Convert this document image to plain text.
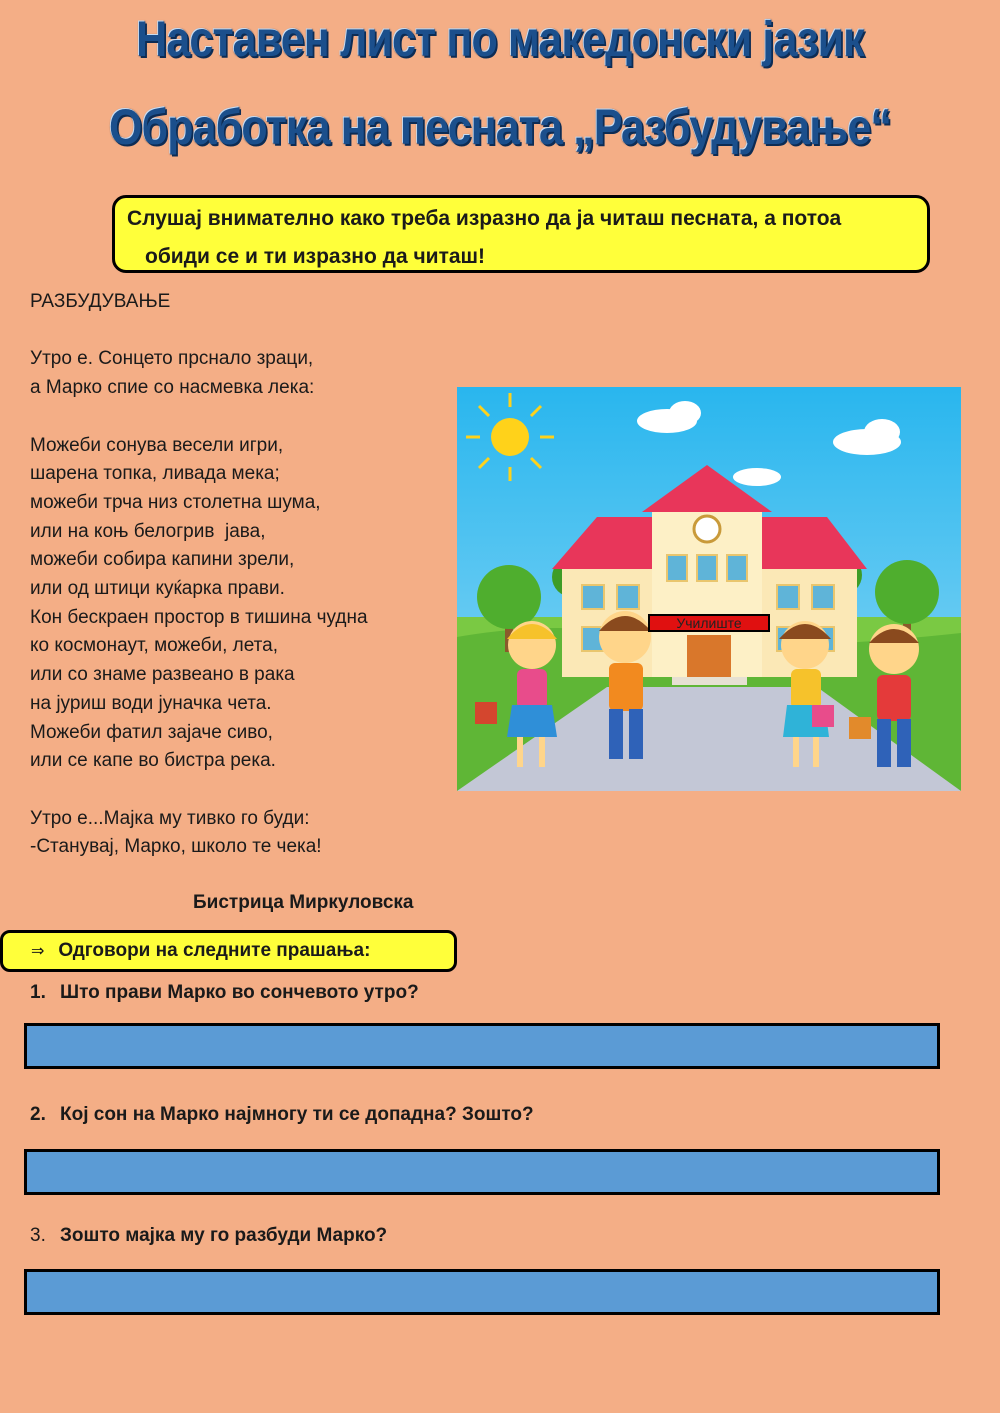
Наставен лист по македонски јазик
Обработка на песната „Разбудување“
Слушај внимателно како треба изразно да ја читаш песната, а потоа
обиди се и ти изразно да читаш!
РАЗБУДУВАЊЕ

Утро е. Сонцето прснало зраци,
а Марко спие со насмевка лека:

Можеби сонува весели игри,
шарена топка, ливада мека;
можеби трча низ столетна шума,
или на коњ белогрив  јава,
можеби собира капини зрели,
или од штици куќарка прави.
Кон бескраен простор в тишина чудна
ко космонаут, можеби, лета,
или со знаме развеано в рака
на јуриш води јуначка чета.
Можеби фатил зајаче сиво,
или се капе во бистра река.

Утро е...Мајка му тивко го буди:
-Станувај, Марко, школо те чека!
Бистрица Миркуловска
Училиште
⇒ Одговори на следните прашања:
1. Што прави Марко во сончевото утро?
2. Кој сон на Марко најмногу ти се допадна? Зошто?
3. Зошто мајка му го разбуди Марко?
